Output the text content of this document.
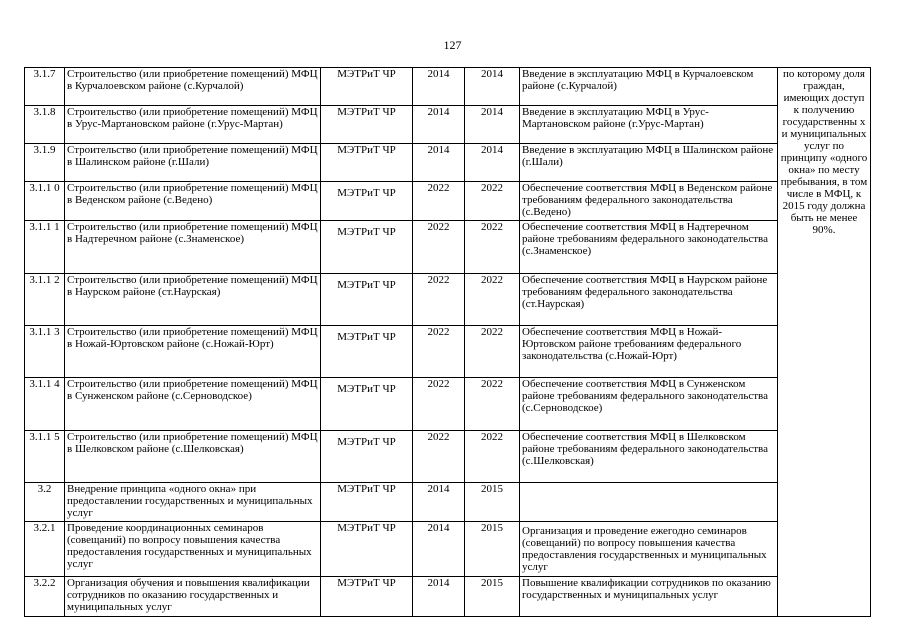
127
3.1.7	Строительство (или приобретение помещений) МФЦ в Курчалоевском районе (с.Курчалой)	МЭТРиТ ЧР	2014	2014	Введение в эксплуатацию МФЦ в Курчалоевском районе (с.Курчалой)	по которому доля граждан, имеющих доступ к получению государственны х и муниципальных услуг по принципу «одного окна» по месту пребывания, в том числе в МФЦ, к 2015 году должна быть не менее 90%.
3.1.8	Строительство (или приобретение помещений) МФЦ в Урус-Мартановском районе (г.Урус-Мартан)	МЭТРиТ ЧР	2014	2014	Введение в эксплуатацию МФЦ в Урус-Мартановском районе (г.Урус-Мартан)	
3.1.9	Строительство (или приобретение помещений) МФЦ в Шалинском районе (г.Шали)	МЭТРиТ ЧР	2014	2014	Введение в эксплуатацию МФЦ в Шалинском районе (г.Шали)	
3.1.1 0	Строительство (или приобретение помещений) МФЦ в Веденском районе (с.Ведено)	МЭТРиТ ЧР	2022	2022	Обеспечение соответствия МФЦ в Веденском районе требованиям федерального законодательства (с.Ведено)	
3.1.1 1	Строительство (или приобретение помещений) МФЦ в Надтеречном районе (с.Знаменское)	МЭТРиТ ЧР	2022	2022	Обеспечение соответствия МФЦ в Надтеречном районе требованиям федерального законодательства (с.Знаменское)	
3.1.1 2	Строительство (или приобретение помещений) МФЦ в Наурском районе (ст.Наурская)	МЭТРиТ ЧР	2022	2022	Обеспечение соответствия МФЦ в Наурском районе требованиям федерального законодательства (ст.Наурская)	
3.1.1 3	Строительство (или приобретение помещений) МФЦ в Ножай-Юртовском районе (с.Ножай-Юрт)	МЭТРиТ ЧР	2022	2022	Обеспечение соответствия МФЦ в Ножай-Юртовском районе требованиям федерального законодательства (с.Ножай-Юрт)	
3.1.1 4	Строительство (или приобретение помещений) МФЦ в Сунженском районе (с.Серноводское)	МЭТРиТ ЧР	2022	2022	Обеспечение соответствия МФЦ в Сунженском районе требованиям федерального законодательства (с.Серноводское)	
3.1.1 5	Строительство (или приобретение помещений) МФЦ в Шелковском районе (с.Шелковская)	МЭТРиТ ЧР	2022	2022	Обеспечение соответствия МФЦ в Шелковском районе требованиям федерального законодательства (с.Шелковская)	
3.2	Внедрение принципа «одного окна» при предоставлении государственных и муниципальных услуг	МЭТРиТ ЧР	2014	2015		
3.2.1	Проведение координационных семинаров (совещаний) по вопросу повышения качества предоставления государственных и муниципальных услуг	МЭТРиТ ЧР	2014	2015	Организация и проведение ежегодно семинаров (совещаний) по вопросу повышения качества предоставления государственных и муниципальных услуг	
3.2.2	Организация обучения и повышения квалификации сотрудников по оказанию государственных и муниципальных услуг	МЭТРиТ ЧР	2014	2015	Повышение квалификации сотрудников по оказанию государственных и муниципальных услуг	
